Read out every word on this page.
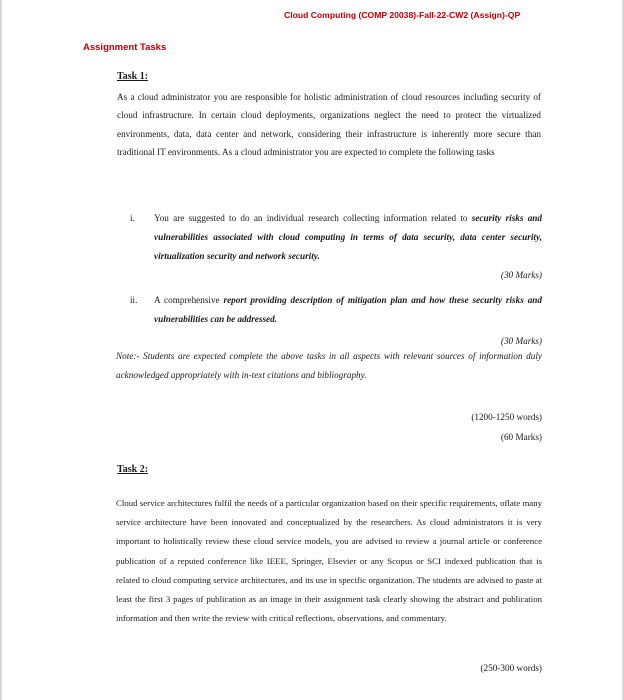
Cloud Computing (COMP 20038)-Fall-22-CW2 (Assign)-QP
Assignment Tasks
Task 1:
As a cloud administrator you are responsible for holistic administration of cloud resources including security of cloud infrastructure. In certain cloud deployments, organizations neglect the need to protect the virtualized environments, data, data center and network, considering their infrastructure is inherently more secure than traditional IT environments. As a cloud administrator you are expected to complete the following tasks
i.	You are suggested to do an individual research collecting information related to security risks and vulnerabilities associated with cloud computing in terms of data security, data center security, virtualization security and network security.
(30 Marks)
ii.	A comprehensive report providing description of mitigation plan and how these security risks and vulnerabilities can be addressed.
(30 Marks)
Note:- Students are expected complete the above tasks in all aspects with relevant sources of information duly acknowledged appropriately with in-text citations and bibliography.
(1200-1250 words)
(60 Marks)
Task 2:
Cloud service architectures fulfil the needs of a particular organization based on their specific requirements, oflate many service architecture have been innovated and conceptualized by the researchers. As cloud administrators it is very important to holistically review these cloud service models, you are advised to review a journal article or conference publication of a reputed conference like IEEE, Springer, Elsevier or any Scopus or SCI indexed publication that is related to cloud computing service architectures, and its use in specific organization. The students are advised to paste at least the first 3 pages of publication as an image in their assignment task clearly showing the abstract and publication information and then write the review with critical reflections, observations, and commentary.
(250-300 words)
